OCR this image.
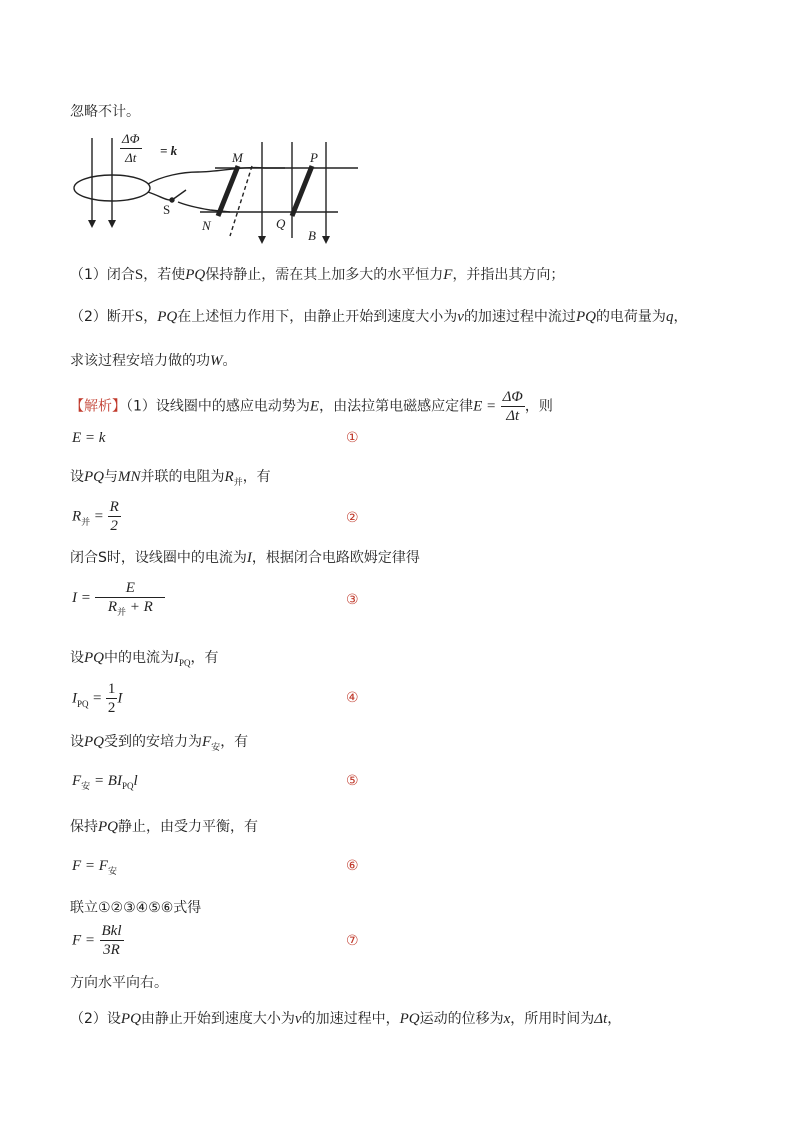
忽略不计。
$\frac{\Delta\Phi}{\Delta t} = k$	M	P
S
N	Q
B
（1）闭合S，若使PQ保持静止，需在其上加多大的水平恒力F，并指出其方向；
（2）断开S，PQ在上述恒力作用下，由静止开始到速度大小为v的加速过程中流过PQ的电荷量为q，
求该过程安培力做的功W。
【解析】（1）设线圈中的感应电动势为E，由法拉第电磁感应定律$E = \frac{\Delta\Phi}{\Delta t}$ ，则
E = k	①
设PQ与MN并联的电阻为$R_并$，有
$R_并 = \frac{R}{2}$	②
闭合S时，设线圈中的电流为I，根据闭合电路欧姆定律得
$I = \frac{E}{R_并 + R}$	③
设PQ中的电流为$I_{PQ}$，有
$I_{PQ} = \frac{1}{2}$ I	④
设PQ受到的安培力为$F_安$，有
$F_安 = BI_{PQ}l$	⑤
保持PQ静止，由受力平衡，有
$F = F_安$	⑥
联立①②③④⑤⑥式得
$F = \frac{\text{Bkl}}{3R}$	⑦
方向水平向右。
（2）设PQ由静止开始到速度大小为v的加速过程中，PQ运动的位移为x，所用时间为Δt，
